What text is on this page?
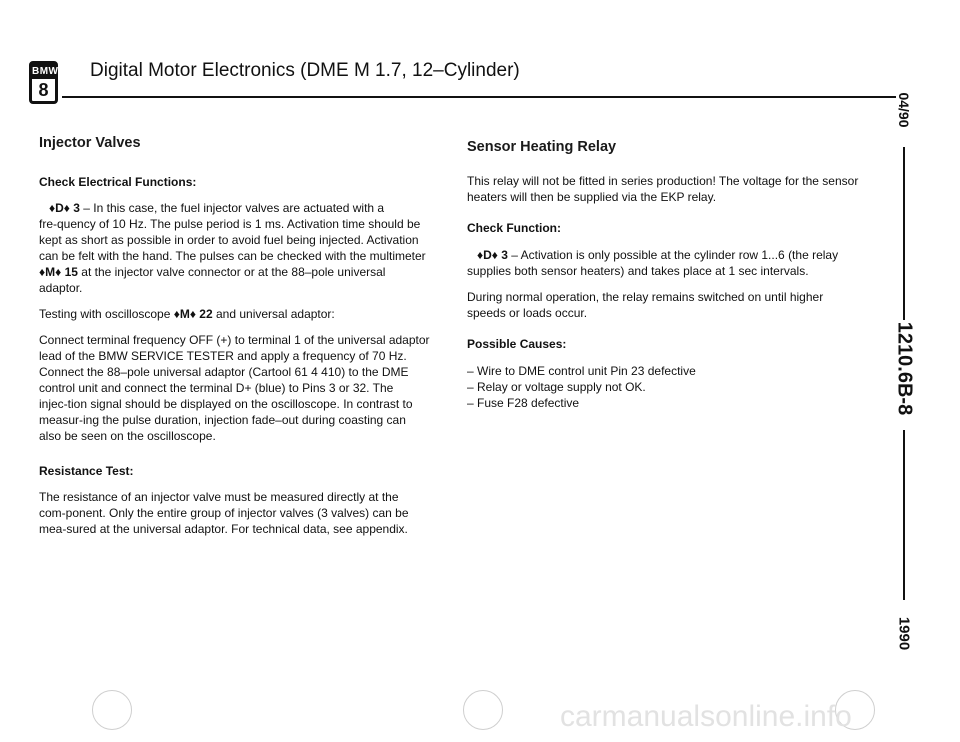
BMW
8
Digital Motor Electronics (DME M 1.7, 12–Cylinder)
04/90
1210.6B-8
1990
Injector Valves
Check Electrical Functions:

♦D♦ 3 – In this case, the fuel injector valves are actuated with a fre‑quency of 10 Hz. The pulse period is 1 ms. Activation time should be kept as short as possible in order to avoid fuel being injected. Activation can be felt with the hand. The pulses can be checked with the multimeter ♦M♦ 15 at the injector valve connector or at the 88–pole universal adaptor.

Testing with oscilloscope ♦M♦ 22 and universal adaptor:

Connect terminal frequency OFF (+) to terminal 1 of the universal adaptor lead of the BMW SERVICE TESTER and apply a frequency of 70 Hz. Connect the 88–pole universal adaptor (Cartool 61 4 410) to the DME control unit and connect the terminal D+ (blue) to Pins 3 or 32. The injec‑tion signal should be displayed on the oscilloscope. In contrast to measur‑ing the pulse duration, injection fade–out during coasting can also be seen on the oscilloscope.

Resistance Test:

The resistance of an injector valve must be measured directly at the com‑ponent. Only the entire group of injector valves (3 valves) can be mea‑sured at the universal adaptor. For technical data, see appendix.

Sensor Heating Relay

This relay will not be fitted in series production! The voltage for the sensor heaters will then be supplied via the EKP relay.

Check Function:

♦D♦ 3 – Activation is only possible at the cylinder row 1...6 (the relay supplies both sensor heaters) and takes place at 1 sec intervals.

During normal operation, the relay remains switched on until higher speeds or loads occur.

Possible Causes:
– Wire to DME control unit Pin 23 defective
– Relay or voltage supply not OK.
– Fuse F28 defective
carmanualsonline.info
